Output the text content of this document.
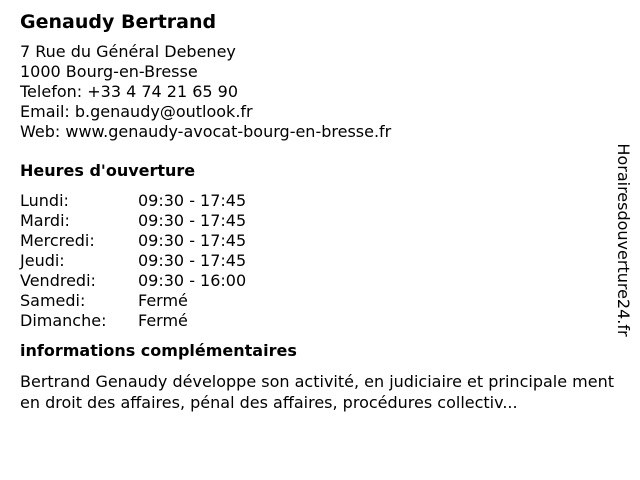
Genaudy Bertrand
7 Rue du Général Debeney
1000 Bourg-en-Bresse
Telefon: +33 4 74 21 65 90
Email: b.genaudy@outlook.fr
Web: www.genaudy-avocat-bourg-en-bresse.fr
Heures d'ouverture
Lundi:	09:30 - 17:45
Mardi:	09:30 - 17:45
Mercredi:	09:30 - 17:45
Jeudi:	09:30 - 17:45
Vendredi:	09:30 - 16:00
Samedi:	Fermé
Dimanche:	Fermé
informations complémentaires

Bertrand Genaudy développe son activité, en judiciaire et principale ment en droit des affaires, pénal des affaires, procédures collectiv...

Horairesdouverture24.fr
